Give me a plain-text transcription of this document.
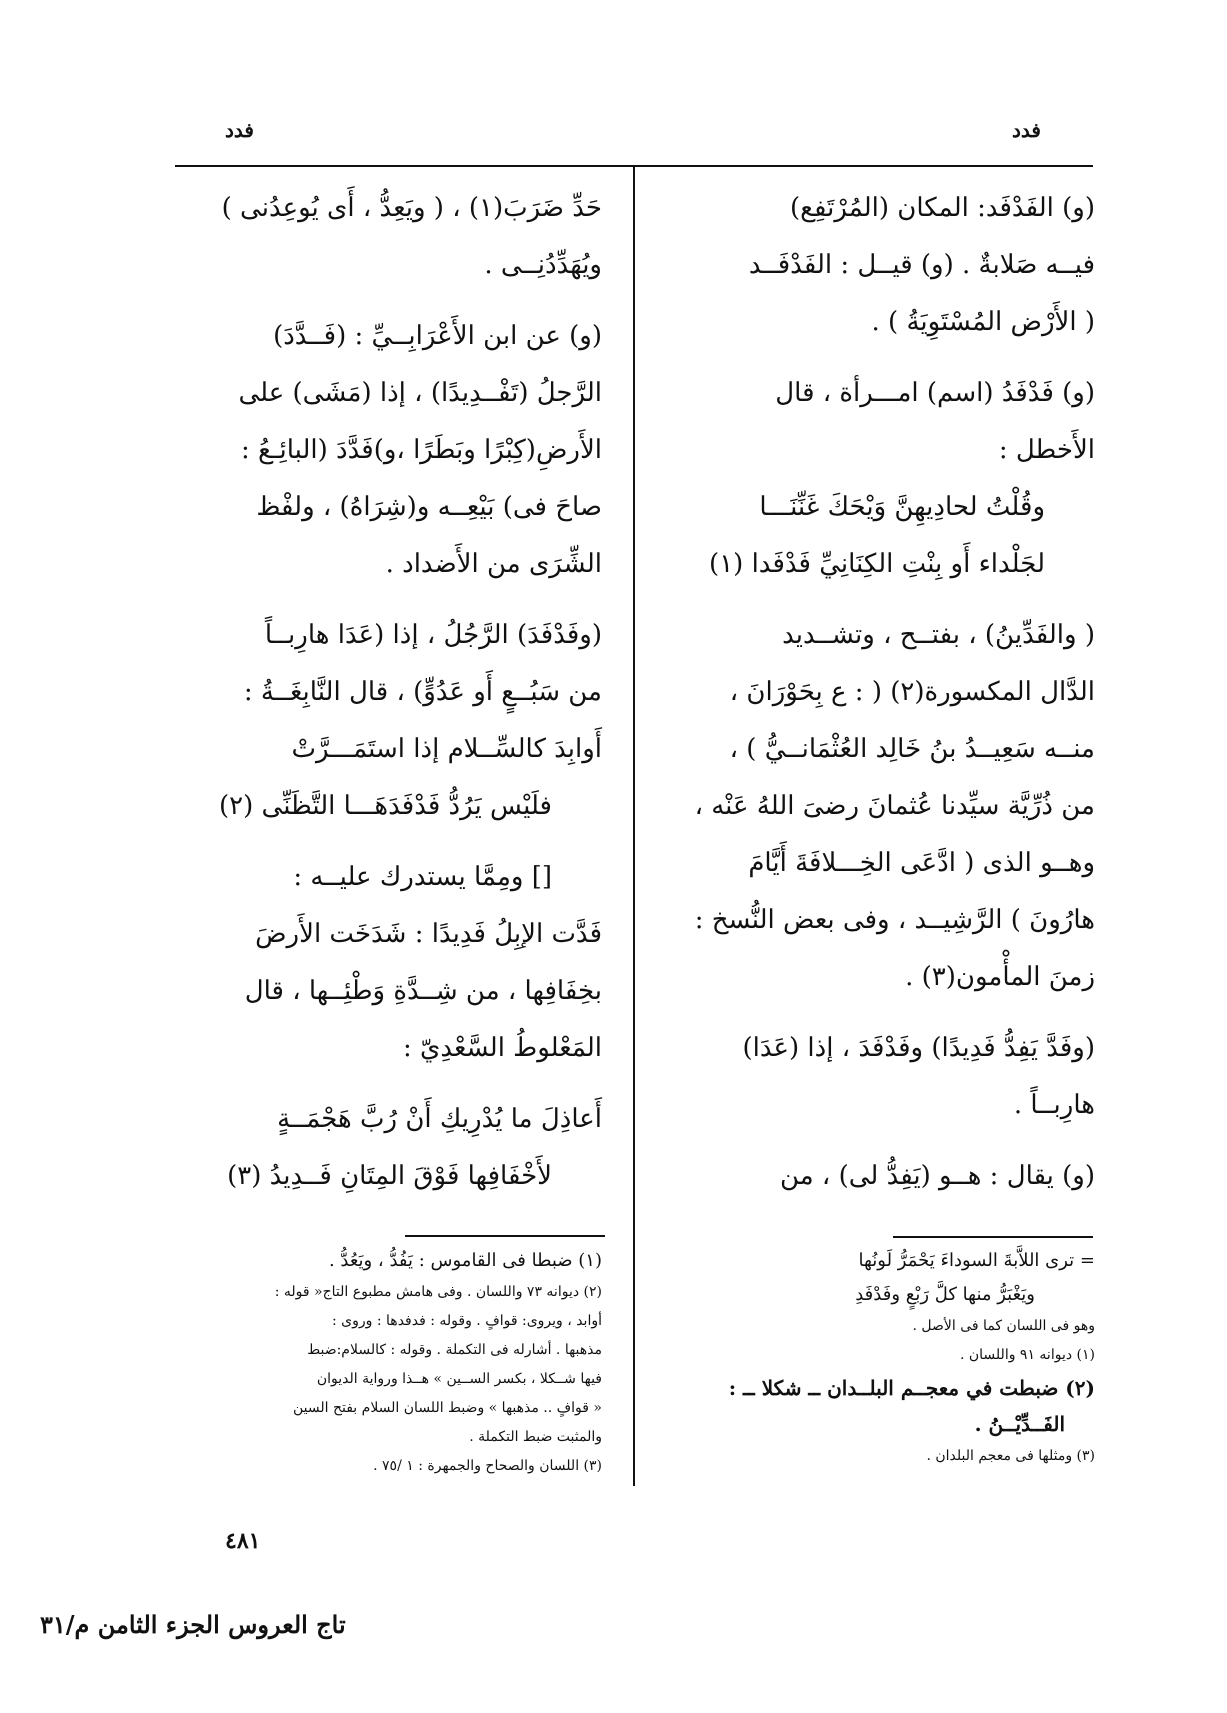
فدد	فدد

(و) الفَدْفَد: المكان (المُرْتَفِع)

فيــه صَلابةٌ . (و) قيــل : الفَدْفَــد

( الأَرْض المُسْتَوِيَةُ ) .

(و) فَدْفَدُ (اسم) امـــرأة ، قال

الأَخطل :

وقُلْتُ لحادِيهِنَّ وَيْحَكَ غَنِّنَـــا

لجَلْداء أَو بِنْتِ الكِنَانِيِّ فَدْفَدا (١)

( والفَدِّينُ) ، بفتــح ، وتشــديد

الدَّال المكسورة(٢) ( : ع بِحَوْرَانَ ،

منــه سَعِيــدُ بنُ خَالِد العُثْمَانــيُّ ) ،

من ذُرِّيَّة سيِّدنا عُثمانَ رضىَ اللهُ عَنْه ،

وهــو الذى ( ادَّعَى الخِـــلافَةَ أَيَّامَ

هارُونَ ) الرَّشِيــد ، وفى بعض النُّسخ :

زمنَ المأْمون(٣) .

(وفَدَّ يَفِدُّ فَدِيدًا) وفَدْفَدَ ، إذا (عَدَا)

هارِبــاً .

(و) يقال : هــو (يَفِدُّ لى) ، من

حَدِّ ضَرَبَ(١) ، ( ويَعِدُّ ، أَى يُوعِدُنى )

ويُهَدِّدُنِــى .

(و) عن ابن الأَعْرَابِــيِّ : (فَــدَّدَ)

الرَّجلُ (تَفْــدِيدًا) ، إذا (مَشَى) على

الأَرضِ(كِبْرًا وبَطَرًا ،و)فَدَّدَ (البائِـعُ :

صاحَ فى) بَيْعِــه و(شِرَاهُ) ، ولفْظ

الشِّرَى من الأَضداد .

(وفَدْفَدَ) الرَّجُلُ ، إذا (عَدَا هارِبــاً

من سَبُــعٍ أَو عَدُوٍّ) ، قال النَّابِغَــةُ :

أَوابِدَ كالسِّــلام إذا استَمَـــرَّتْ

فلَيْس يَرُدُّ فَدْفَدَهَـــا التَّظَنِّى (٢)

[] ومِمَّا يستدرك عليــه :

فَدَّت الإبِلُ فَدِيدًا : شَدَخَت الأَرضَ

بخِفَافِها ، من شِــدَّةِ وَطْئِــها ، قال

المَعْلوطُ السَّعْدِيّ :

أَعاذِلَ ما يُدْرِيكِ أَنْ رُبَّ هَجْمَــةٍ

لأَخْفَافِها فَوْقَ المِتَانِ فَــدِيدُ (٣)

(١) ضبطا فى القاموس : يَفُدُّ ، ويَعُدُّ .
(٢) ديوانه ٧٣ واللسان . وفى هامش مطبوع التاج« قوله :
أوابد ، ويروى: قوافٍ . وقوله : فدفدها : وروى :
مذهبها . أشارله فى التكملة . وقوله : كالسلام:ضبط
فيها شــكلا ، بكسر الســين » هــذا ورواية الديوان
« قوافٍ .. مذهبها » وضبط اللسان السلام بفتح السين
والمثبت ضبط التكملة .
(٣) اللسان والصحاح والجمهرة : ١ /٧٥ .
= ترى اللاَّبةَ السوداءَ يَحْمَرُّ لَونُها
ويَغْبَرُّ منها كلَّ رَبْعٍ وفَدْفَدِ
وهو فى اللسان كما فى الأصل .
(١) ديوانه ٩١ واللسان .
(٢) ضبطت في معجــم البلــدان ــ شكلا ــ :
الفَــدِّيْــنُ .
(٣) ومثلها فى معجم البلدان .
٤٨١
تاج العروس الجزء الثامن م/٣١
